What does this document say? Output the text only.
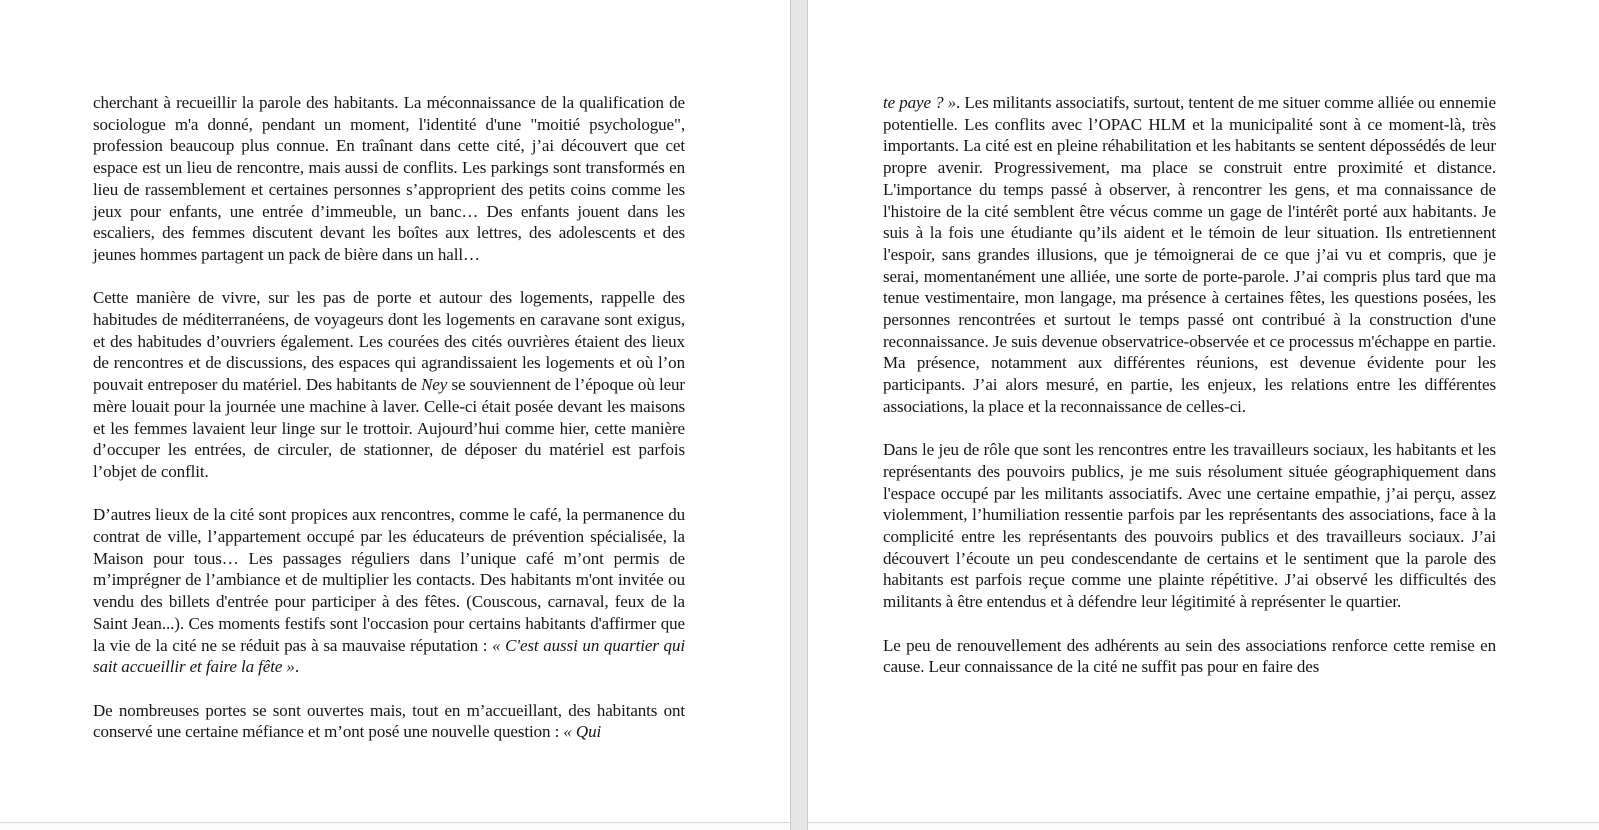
cherchant à recueillir la parole des habitants. La méconnaissance de la qualification de sociologue m'a donné, pendant un moment, l'identité d'une "moitié psychologue", profession beaucoup plus connue. En traînant dans cette cité, j’ai découvert que cet espace est un lieu de rencontre, mais aussi de conflits. Les parkings sont transformés en lieu de rassemblement et certaines personnes s’approprient des petits coins comme les jeux pour enfants, une entrée d’immeuble, un banc… Des enfants jouent dans les escaliers, des femmes discutent devant les boîtes aux lettres, des adolescents et des jeunes hommes partagent un pack de bière dans un hall…

Cette manière de vivre, sur les pas de porte et autour des logements, rappelle des habitudes de méditerranéens, de voyageurs dont les logements en caravane sont exigus, et des habitudes d’ouvriers également. Les courées des cités ouvrières étaient des lieux de rencontres et de discussions, des espaces qui agrandissaient les logements et où l’on pouvait entreposer du matériel. Des habitants de Ney se souviennent de l’époque où leur mère louait pour la journée une machine à laver. Celle-ci était posée devant les maisons et les femmes lavaient leur linge sur le trottoir. Aujourd’hui comme hier, cette manière d’occuper les entrées, de circuler, de stationner, de déposer du matériel est parfois l’objet de conflit.

D’autres lieux de la cité sont propices aux rencontres, comme le café, la permanence du contrat de ville, l’appartement occupé par les éducateurs de prévention spécialisée, la Maison pour tous… Les passages réguliers dans l’unique café m’ont permis de m’imprégner de l’ambiance et de multiplier les contacts. Des habitants m'ont invitée ou vendu des billets d'entrée pour participer à des fêtes. (Couscous, carnaval, feux de la Saint Jean...). Ces moments festifs sont l'occasion pour certains habitants d'affirmer que la vie de la cité ne se réduit pas à sa mauvaise réputation : « C'est aussi un quartier qui sait accueillir et faire la fête ».

De nombreuses portes se sont ouvertes mais, tout en m’accueillant, des habitants ont conservé une certaine méfiance et m’ont posé une nouvelle question : « Qui

te paye ? ». Les militants associatifs, surtout, tentent de me situer comme alliée ou ennemie potentielle. Les conflits avec l’OPAC HLM et la municipalité sont à ce moment-là, très importants. La cité est en pleine réhabilitation et les habitants se sentent dépossédés de leur propre avenir. Progressivement, ma place se construit entre proximité et distance. L'importance du temps passé à observer, à rencontrer les gens, et ma connaissance de l'histoire de la cité semblent être vécus comme un gage de l'intérêt porté aux habitants. Je suis à la fois une étudiante qu’ils aident et le témoin de leur situation. Ils entretiennent l'espoir, sans grandes illusions, que je témoignerai de ce que j’ai vu et compris, que je serai, momentanément une alliée, une sorte de porte-parole. J’ai compris plus tard que ma tenue vestimentaire, mon langage, ma présence à certaines fêtes, les questions posées, les personnes rencontrées et surtout le temps passé ont contribué à la construction d'une reconnaissance. Je suis devenue observatrice-observée et ce processus m'échappe en partie. Ma présence, notamment aux différentes réunions, est devenue évidente pour les participants. J’ai alors mesuré, en partie, les enjeux, les relations entre les différentes associations, la place et la reconnaissance de celles-ci.

Dans le jeu de rôle que sont les rencontres entre les travailleurs sociaux, les habitants et les représentants des pouvoirs publics, je me suis résolument située géographiquement dans l'espace occupé par les militants associatifs. Avec une certaine empathie, j’ai perçu, assez violemment, l’humiliation ressentie parfois par les représentants des associations, face à la complicité entre les représentants des pouvoirs publics et des travailleurs sociaux. J’ai découvert l’écoute un peu condescendante de certains et le sentiment que la parole des habitants est parfois reçue comme une plainte répétitive. J’ai observé les difficultés des militants à être entendus et à défendre leur légitimité à représenter le quartier.

Le peu de renouvellement des adhérents au sein des associations renforce cette remise en cause. Leur connaissance de la cité ne suffit pas pour en faire des
